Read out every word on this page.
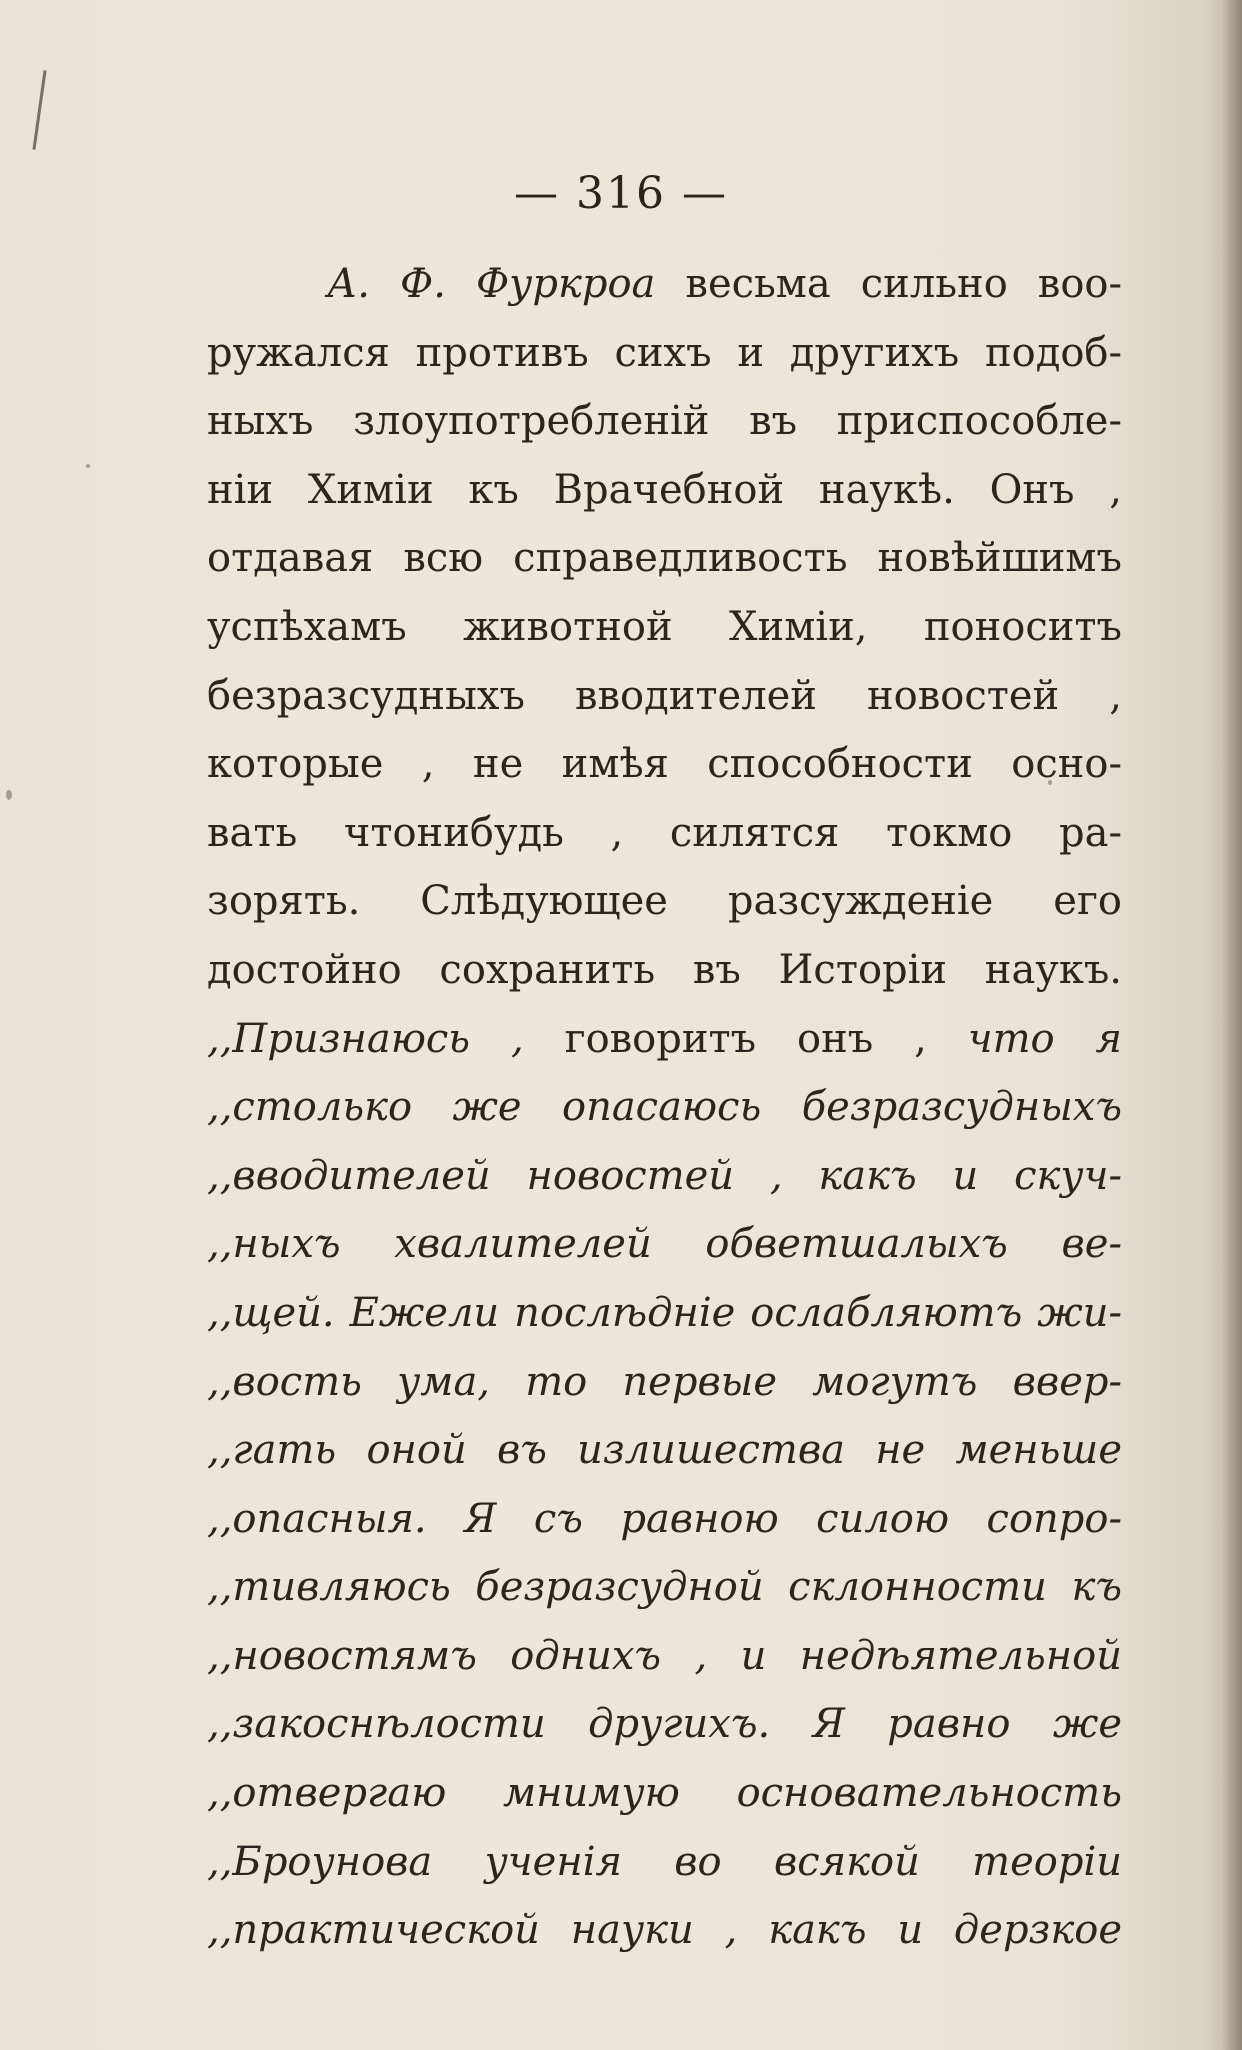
— 316 —
А. Ф. Фуркроа весьма сильно воо-
ружался противъ сихъ и другихъ подоб-
ныхъ злоупотребленій въ приспособле-
ніи Химіи къ Врачебной наукѣ. Онъ ,
отдавая всю справедливость новѣйшимъ
успѣхамъ животной Химіи, поноситъ
безразсудныхъ вводителей новостей ,
которые , не имѣя способности осно-
вать чтонибудь , силятся токмо ра-
зорять. Слѣдующее разсужденіе его
достойно сохранить въ Исторіи наукъ.
,,Признаюсь , говоритъ онъ , что я
,,столько же опасаюсь безразсудныхъ
,,вводителей новостей , какъ и скуч-
,,ныхъ хвалителей обветшалыхъ ве-
,,щей. Ежели послѣдніе ослабляютъ жи-
,,вость ума, то первые могутъ ввер-
,,гать оной въ излишества не меньше
,,опасныя. Я съ равною силою сопро-
,,тивляюсь безразсудной склонности къ
,,новостямъ однихъ , и недѣятельной
,,закоснѣлости другихъ. Я равно же
,,отвергаю мнимую основательность
,,Броунова ученія во всякой теоріи
,,практической науки , какъ и дерзкое
